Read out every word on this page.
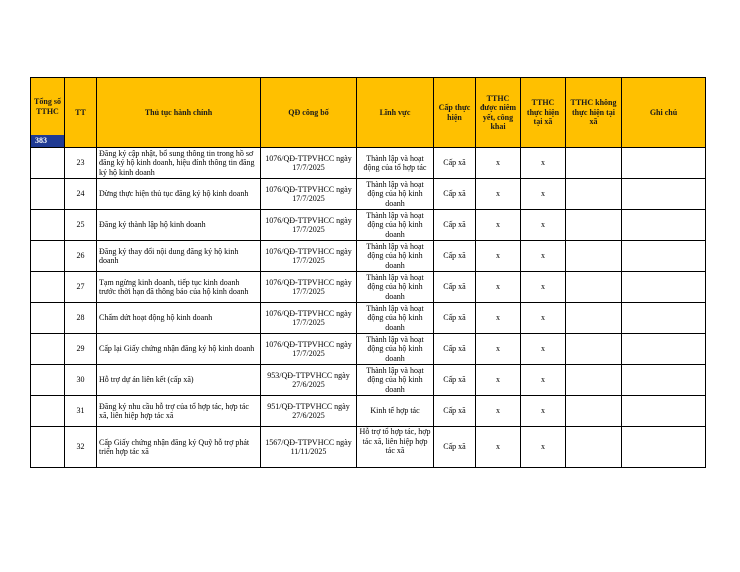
Tổng số TTHC
383	TT	Thủ tục hành chính	QĐ công bố	Lĩnh vực	Cấp thực hiện	TTHC được niêm yết, công khai	TTHC thực hiện tại xã	TTHC không thực hiện tại xã	Ghi chú
	23	Đăng ký cập nhật, bổ sung thông tin trong hồ sơ đăng ký hộ kinh doanh, hiệu đính thông tin đăng ký hộ kinh doanh	1076/QĐ-TTPVHCC ngày 17/7/2025	Thành lập và hoạt động của tổ hợp tác	Cấp xã	x	x		
	24	Dừng thực hiện thủ tục đăng ký hộ kinh doanh	1076/QĐ-TTPVHCC ngày 17/7/2025	Thành lập và hoạt động của hộ kinh doanh	Cấp xã	x	x		
	25	Đăng ký thành lập hộ kinh doanh	1076/QĐ-TTPVHCC ngày 17/7/2025	Thành lập và hoạt động của hộ kinh doanh	Cấp xã	x	x		
	26	Đăng ký thay đổi nội dung đăng ký hộ kinh doanh	1076/QĐ-TTPVHCC ngày 17/7/2025	Thành lập và hoạt động của hộ kinh doanh	Cấp xã	x	x		
	27	Tạm ngừng kinh doanh, tiếp tục kinh doanh trước thời hạn đã thông báo của hộ kinh doanh	1076/QĐ-TTPVHCC ngày 17/7/2025	Thành lập và hoạt động của hộ kinh doanh	Cấp xã	x	x		
	28	Chấm dứt hoạt động hộ kinh doanh	1076/QĐ-TTPVHCC ngày 17/7/2025	Thành lập và hoạt động của hộ kinh doanh	Cấp xã	x	x		
	29	Cấp lại Giấy chứng nhận đăng ký hộ kinh doanh	1076/QĐ-TTPVHCC ngày 17/7/2025	Thành lập và hoạt động của hộ kinh doanh	Cấp xã	x	x		
	30	Hỗ trợ dự án liên kết (cấp xã)	953/QĐ-TTPVHCC ngày 27/6/2025	Thành lập và hoạt động của hộ kinh doanh	Cấp xã	x	x		
	31	Đăng ký nhu cầu hỗ trợ của tổ hợp tác, hợp tác xã, liên hiệp hợp tác xã	951/QĐ-TTPVHCC ngày 27/6/2025	Kinh tế hợp tác	Cấp xã	x	x		
	32	Cấp Giấy chứng nhận đăng ký Quỹ hỗ trợ phát triển hợp tác xã	1567/QĐ-TTPVHCC ngày 11/11/2025	Hỗ trợ tổ hợp tác, hợp tác xã, liên hiệp hợp tác xã	Cấp xã	x	x		
